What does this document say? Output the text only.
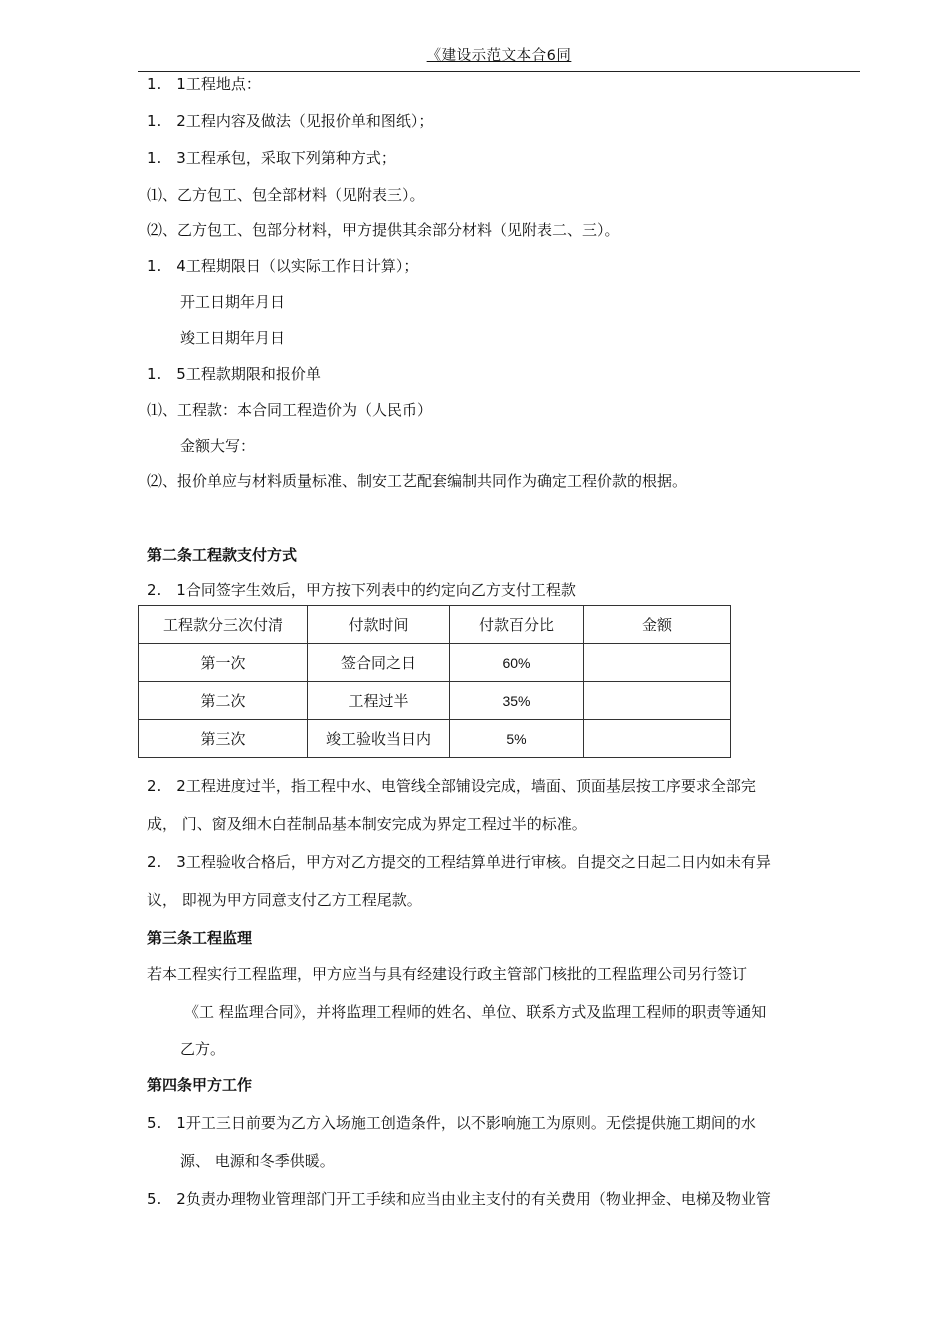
《建设示范文本合6同
1.　1工程地点：
1.　2工程内容及做法（见报价单和图纸）；
1.　3工程承包，采取下列第种方式；
⑴、乙方包工、包全部材料（见附表三）。
⑵、乙方包工、包部分材料，甲方提供其余部分材料（见附表二、三）。
1.　4工程期限日（以实际工作日计算）；
开工日期年月日
竣工日期年月日
1.　5工程款期限和报价单
⑴、工程款：本合同工程造价为（人民币）
金额大写：
⑵、报价单应与材料质量标准、制安工艺配套编制共同作为确定工程价款的根据。
第二条工程款支付方式
2.　1合同签字生效后，甲方按下列表中的约定向乙方支付工程款
工程款分三次付清	付款时间	付款百分比	金额
第一次	签合同之日	60%	
第二次	工程过半	35%	
第三次	竣工验收当日内	5%	
2.　2工程进度过半，指工程中水、电管线全部铺设完成，墙面、顶面基层按工序要求全部完
成， 门、窗及细木白茬制品基本制安完成为界定工程过半的标准。
2.　3工程验收合格后，甲方对乙方提交的工程结算单进行审核。自提交之日起二日内如未有异
议， 即视为甲方同意支付乙方工程尾款。
第三条工程监理
若本工程实行工程监理，甲方应当与具有经建设行政主管部门核批的工程监理公司另行签订
《工 程监理合同》，并将监理工程师的姓名、单位、联系方式及监理工程师的职责等通知
乙方。
第四条甲方工作
5.　1开工三日前要为乙方入场施工创造条件，以不影响施工为原则。无偿提供施工期间的水
源、 电源和冬季供暖。
5.　2负责办理物业管理部门开工手续和应当由业主支付的有关费用（物业押金、电梯及物业管
